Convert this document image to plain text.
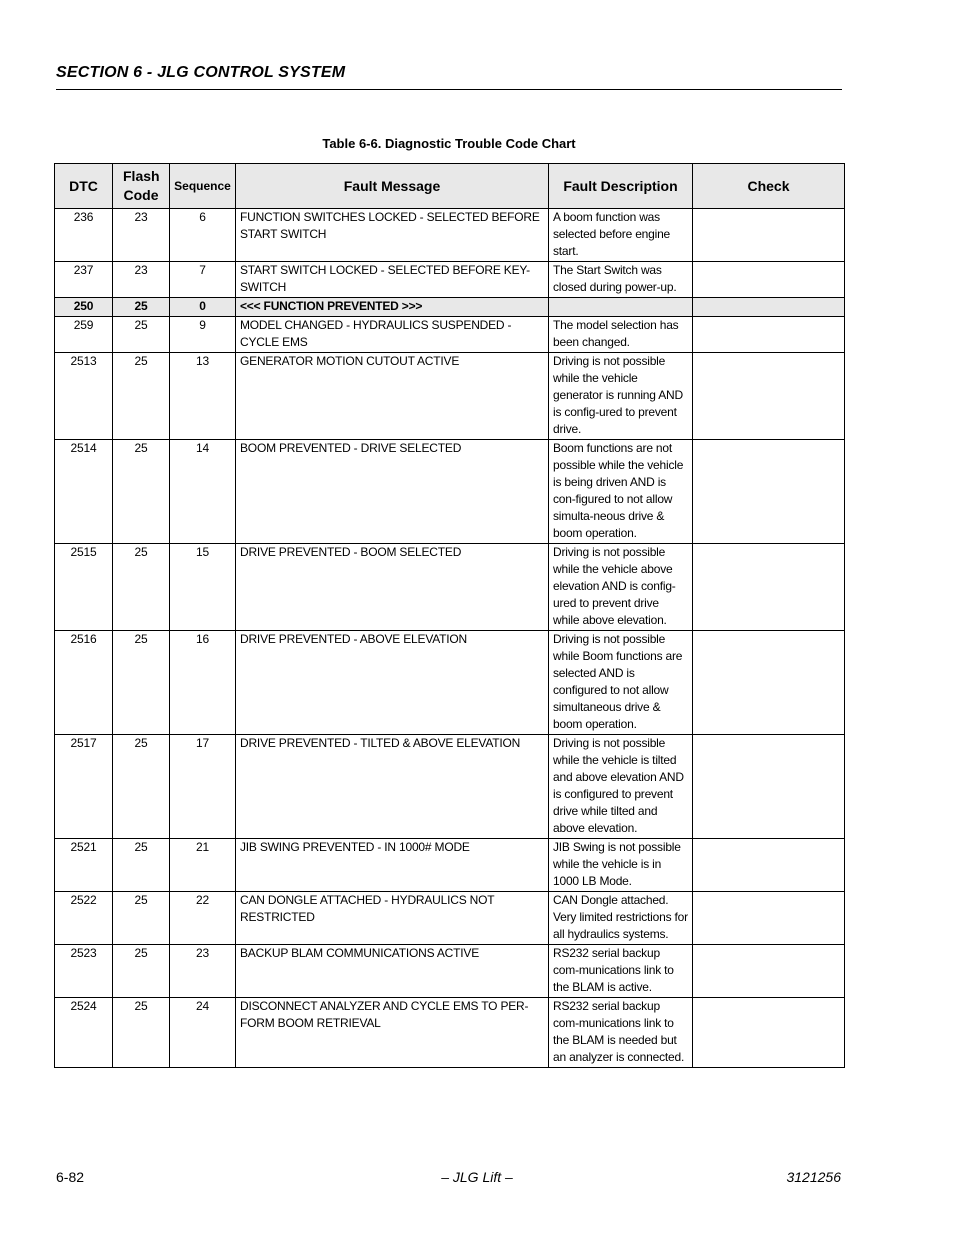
SECTION 6 - JLG CONTROL SYSTEM
Table 6-6. Diagnostic Trouble Code Chart
DTC	Flash Code	Sequence	Fault Message	Fault Description	Check
236	23	6	FUNCTION SWITCHES LOCKED - SELECTED BEFORE START SWITCH	A boom function was selected before engine start.	
237	23	7	START SWITCH LOCKED - SELECTED BEFORE KEY-SWITCH	The Start Switch was closed during power-up.	
250	25	0	<<< FUNCTION PREVENTED >>>		
259	25	9	MODEL CHANGED - HYDRAULICS SUSPENDED - CYCLE EMS	The model selection has been changed.	
2513	25	13	GENERATOR MOTION CUTOUT ACTIVE	Driving is not possible while the vehicle generator is running AND is config-ured to prevent drive.	
2514	25	14	BOOM PREVENTED - DRIVE SELECTED	Boom functions are not possible while the vehicle is being driven AND is con-figured to not allow simulta-neous drive & boom operation.	
2515	25	15	DRIVE PREVENTED - BOOM SELECTED	Driving is not possible while the vehicle above elevation AND is config-ured to prevent drive while above elevation.	
2516	25	16	DRIVE PREVENTED - ABOVE ELEVATION	Driving is not possible while Boom functions are selected AND is configured to not allow simultaneous drive & boom operation.	
2517	25	17	DRIVE PREVENTED - TILTED & ABOVE ELEVATION	Driving is not possible while the vehicle is tilted and above elevation AND is configured to prevent drive while tilted and above elevation.	
2521	25	21	JIB SWING PREVENTED - IN 1000# MODE	JIB Swing is not possible while the vehicle is in 1000 LB Mode.	
2522	25	22	CAN DONGLE ATTACHED - HYDRAULICS NOT RESTRICTED	CAN Dongle attached. Very limited restrictions for all hydraulics systems.	
2523	25	23	BACKUP BLAM COMMUNICATIONS ACTIVE	RS232 serial backup com-munications link to the BLAM is active.	
2524	25	24	DISCONNECT ANALYZER AND CYCLE EMS TO PER-FORM BOOM RETRIEVAL	RS232 serial backup com-munications link to the BLAM is needed but an analyzer is connected.	
6-82	– JLG Lift –	3121256
